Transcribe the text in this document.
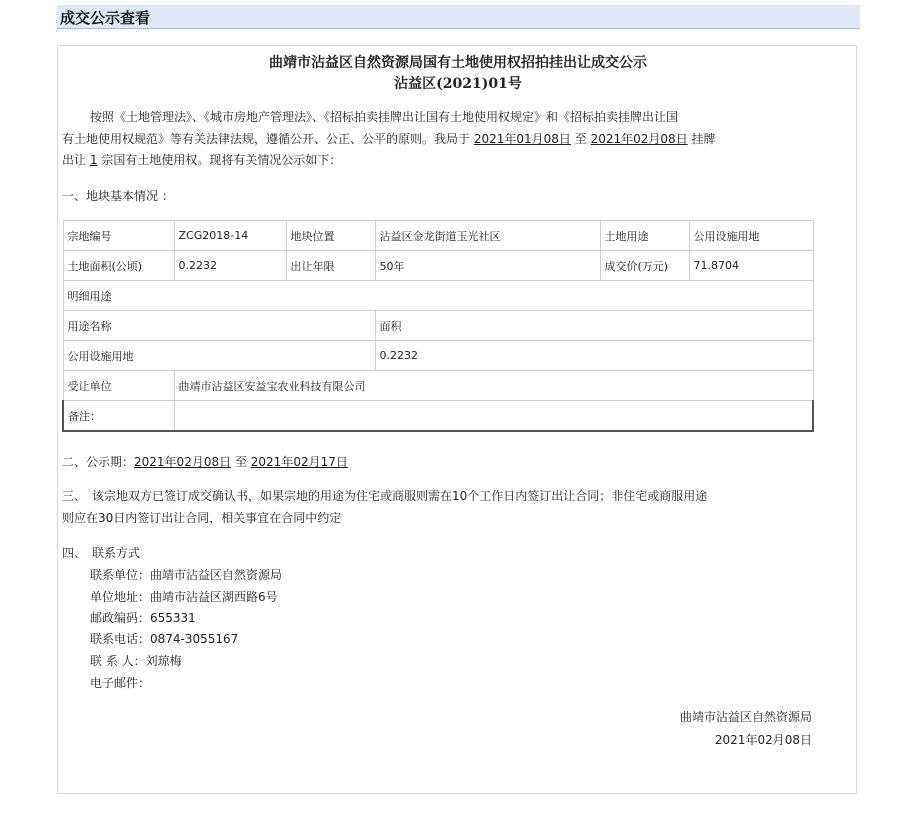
成交公示查看
曲靖市沾益区自然资源局国有土地使用权招拍挂出让成交公示
沾益区(2021)01号
按照《土地管理法》、《城市房地产管理法》、《招标拍卖挂牌出让国有土地使用权规定》和《招标拍卖挂牌出让国
有土地使用权规范》等有关法律法规，遵循公开、公正、公平的原则。我局于 2021年01月08日 至 2021年02月08日 挂牌
出让 1 宗国有土地使用权。现将有关情况公示如下：
一、地块基本情况 ：
宗地编号	ZCG2018-14	地块位置	沾益区金龙街道玉光社区	土地用途	公用设施用地
土地面积(公顷)	0.2232	出让年限	50年	成交价(万元)	71.8704
明细用途					
用途名称			面积		
公用设施用地			0.2232		
受让单位	曲靖市沾益区安益宝农业科技有限公司				
备注：					
二、公示期：2021年02月08日 至 2021年02月17日
三、　该宗地双方已签订成交确认书，如果宗地的用途为住宅或商服则需在10个工作日内签订出让合同；非住宅或商服用途
则应在30日内签订出让合同，相关事宜在合同中约定
四、　联系方式
联系单位：曲靖市沾益区自然资源局
单位地址：曲靖市沾益区湖西路6号
邮政编码：655331
联系电话：0874-3055167
联 系 人：刘琼梅
电子邮件：
曲靖市沾益区自然资源局
2021年02月08日
